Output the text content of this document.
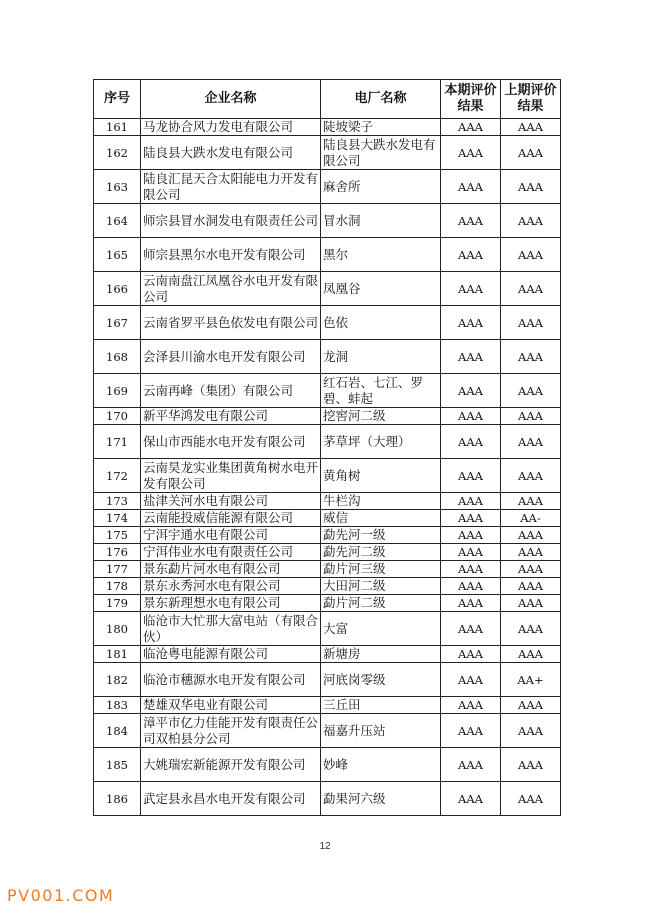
序号	企业名称	电厂名称	本期评价结果	上期评价结果
161	马龙协合风力发电有限公司	陡坡梁子	AAA	AAA
162	陆良县大跌水发电有限公司	陆良县大跌水发电有限公司	AAA	AAA
163	陆良汇昆天合太阳能电力开发有限公司	麻舍所	AAA	AAA
164	师宗县冒水洞发电有限责任公司	冒水洞	AAA	AAA
165	师宗县黑尔水电开发有限公司	黑尔	AAA	AAA
166	云南南盘江凤凰谷水电开发有限公司	凤凰谷	AAA	AAA
167	云南省罗平县色依发电有限公司	色依	AAA	AAA
168	会泽县川渝水电开发有限公司	龙洞	AAA	AAA
169	云南再峰（集团）有限公司	红石岩、七江、罗碧、蚌起	AAA	AAA
170	新平华鸿发电有限公司	挖窖河二级	AAA	AAA
171	保山市西能水电开发有限公司	茅草坪（大理）	AAA	AAA
172	云南昊龙实业集团黄角树水电开发有限公司	黄角树	AAA	AAA
173	盐津关河水电有限公司	牛栏沟	AAA	AAA
174	云南能投威信能源有限公司	威信	AAA	AA-
175	宁洱宇通水电有限公司	勐先河一级	AAA	AAA
176	宁洱伟业水电有限责任公司	勐先河二级	AAA	AAA
177	景东勐片河水电有限公司	勐片河三级	AAA	AAA
178	景东永秀河水电有限公司	大田河二级	AAA	AAA
179	景东新理想水电有限公司	勐片河二级	AAA	AAA
180	临沧市大忙那大富电站（有限合伙）	大富	AAA	AAA
181	临沧粤电能源有限公司	新塘房	AAA	AAA
182	临沧市穗源水电开发有限公司	河底岗零级	AAA	AA+
183	楚雄双华电业有限公司	三丘田	AAA	AAA
184	漳平市亿力佳能开发有限责任公司双柏县分公司	福嘉升压站	AAA	AAA
185	大姚瑞宏新能源开发有限公司	妙峰	AAA	AAA
186	武定县永昌水电开发有限公司	勐果河六级	AAA	AAA
12
PV001.COM
